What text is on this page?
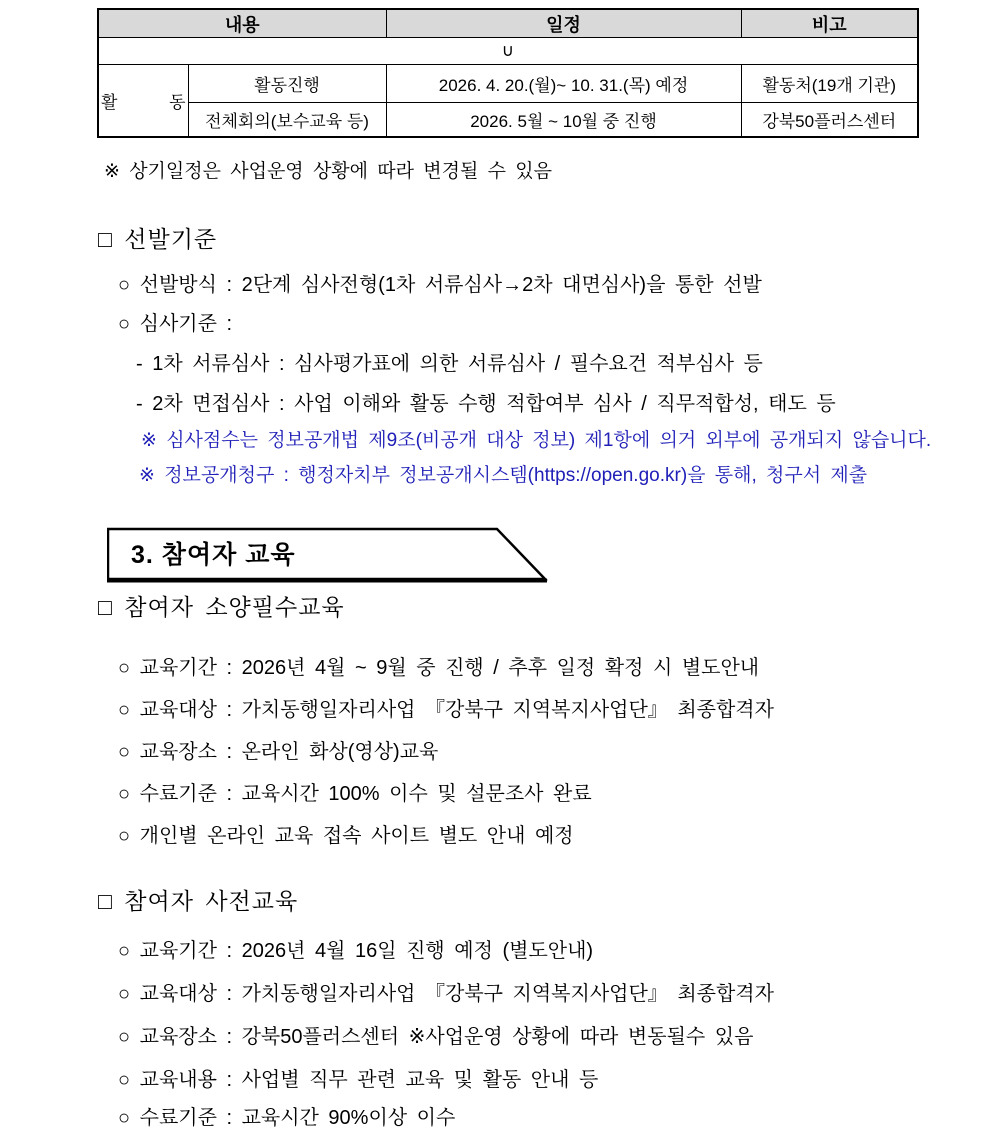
내용		일정	비고
∪			
활 동	활동진행	2026. 4. 20.(월)~ 10. 31.(목) 예정	활동처(19개 기관)
	전체회의(보수교육 등)	2026. 5월 ~ 10월 중 진행	강북50플러스센터
※ 상기일정은 사업운영 상황에 따라 변경될 수 있음
□ 선발기준
○ 선발방식 : 2단계 심사전형(1차 서류심사→2차 대면심사)을 통한 선발
○ 심사기준 :
- 1차 서류심사 : 심사평가표에 의한 서류심사 / 필수요건 적부심사 등
- 2차 면접심사 : 사업 이해와 활동 수행 적합여부 심사 / 직무적합성, 태도 등
※ 심사점수는 정보공개법 제9조(비공개 대상 정보) 제1항에 의거 외부에 공개되지 않습니다.
※ 정보공개청구 : 행정자치부 정보공개시스템(https://open.go.kr)을 통해, 청구서 제출
3. 참여자 교육
□ 참여자 소양필수교육
○ 교육기간 : 2026년 4월 ~ 9월 중 진행 / 추후 일정 확정 시 별도안내
○ 교육대상 : 가치동행일자리사업 『강북구 지역복지사업단』 최종합격자
○ 교육장소 : 온라인 화상(영상)교육
○ 수료기준 : 교육시간 100% 이수 및 설문조사 완료
○ 개인별 온라인 교육 접속 사이트 별도 안내 예정
□ 참여자 사전교육
○ 교육기간 : 2026년 4월 16일 진행 예정 (별도안내)
○ 교육대상 : 가치동행일자리사업 『강북구 지역복지사업단』 최종합격자
○ 교육장소 : 강북50플러스센터 ※사업운영 상황에 따라 변동될수 있음
○ 교육내용 : 사업별 직무 관련 교육 및 활동 안내 등
○ 수료기준 : 교육시간 90%이상 이수
